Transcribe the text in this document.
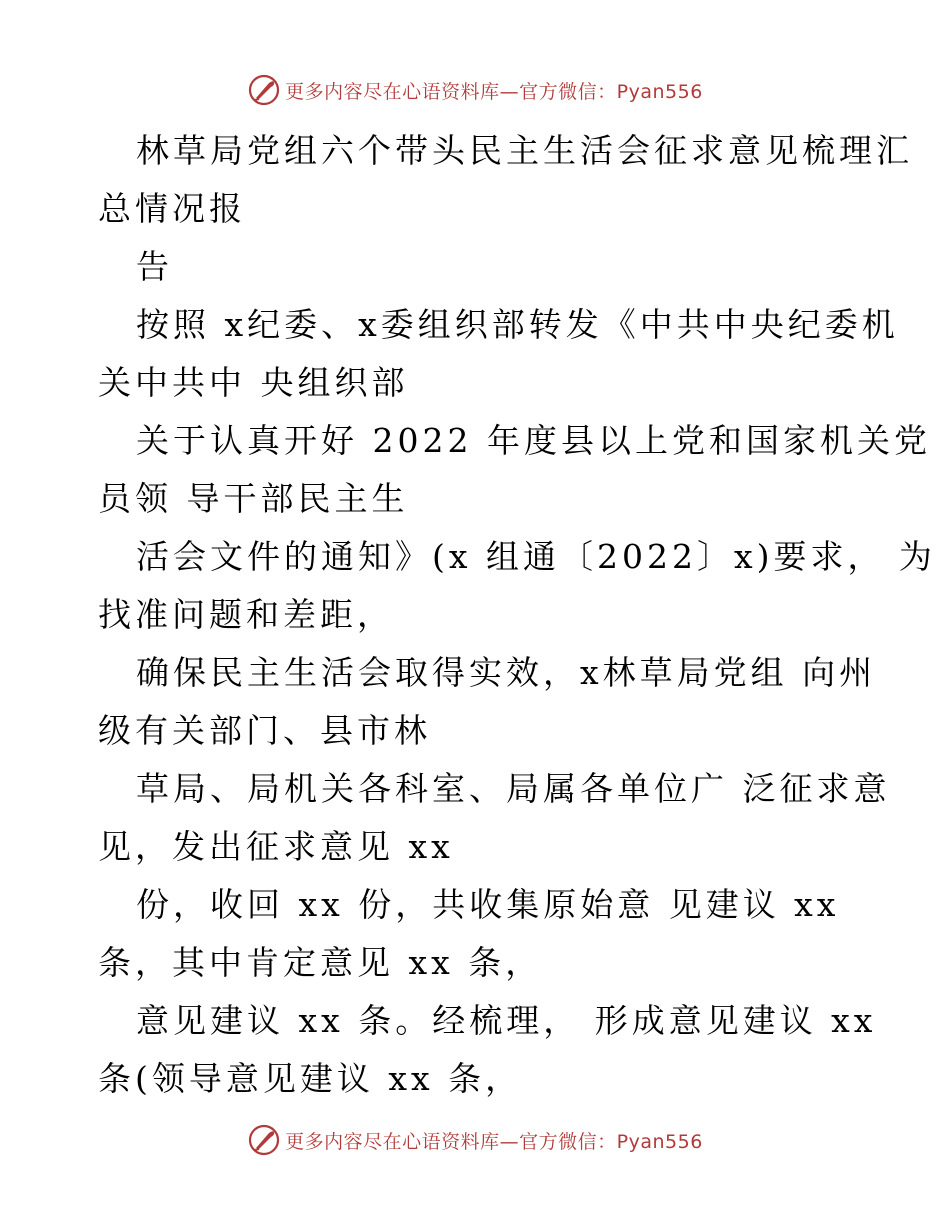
更多内容尽在心语资料库—官方微信：Pyan556
林草局党组六个带头民主生活会征求意见梳理汇
总情况报
告
按照 x纪委、x委组织部转发《中共中央纪委机
关中共中 央组织部
关于认真开好 2022 年度县以上党和国家机关党
员领 导干部民主生
活会文件的通知》(x 组通〔2022〕x)要求， 为
找准问题和差距，
确保民主生活会取得实效，x林草局党组 向州
级有关部门、县市林
草局、局机关各科室、局属各单位广 泛征求意
见，发出征求意见 xx
份，收回 xx 份，共收集原始意 见建议 xx
条，其中肯定意见 xx 条，
意见建议 xx 条。经梳理， 形成意见建议 xx
条(领导意见建议 xx 条，
更多内容尽在心语资料库—官方微信：Pyan556
